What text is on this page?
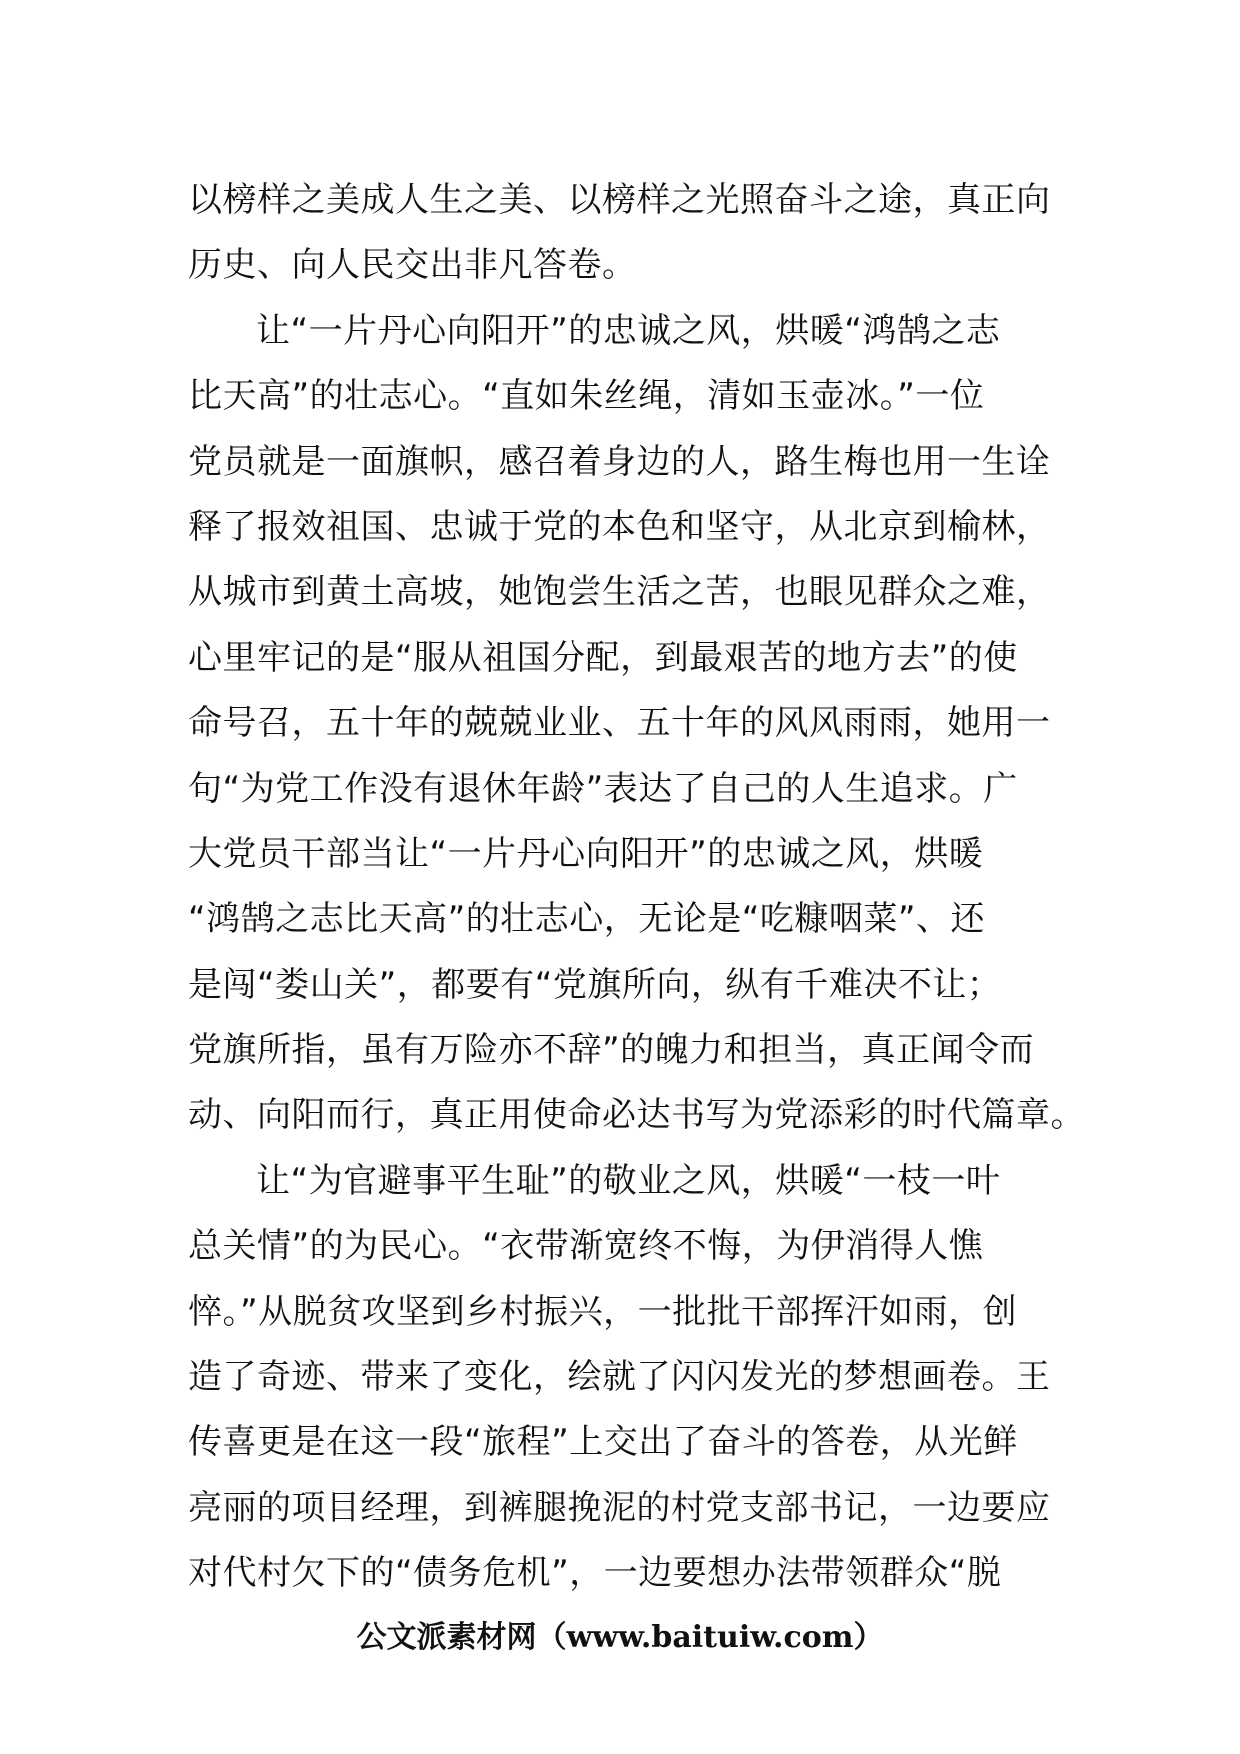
以榜样之美成人生之美、以榜样之光照奋斗之途，真正向
历史、向人民交出非凡答卷。
让“一片丹心向阳开”的忠诚之风，烘暖“鸿鹄之志
比天高”的壮志心。“直如朱丝绳，清如玉壶冰。”一位
党员就是一面旗帜，感召着身边的人，路生梅也用一生诠
释了报效祖国、忠诚于党的本色和坚守，从北京到榆林，
从城市到黄土高坡，她饱尝生活之苦，也眼见群众之难，
心里牢记的是“服从祖国分配，到最艰苦的地方去”的使
命号召，五十年的兢兢业业、五十年的风风雨雨，她用一
句“为党工作没有退休年龄”表达了自己的人生追求。广
大党员干部当让“一片丹心向阳开”的忠诚之风，烘暖
“鸿鹄之志比天高”的壮志心，无论是“吃糠咽菜”、还
是闯“娄山关”，都要有“党旗所向，纵有千难决不让；
党旗所指，虽有万险亦不辞”的魄力和担当，真正闻令而
动、向阳而行，真正用使命必达书写为党添彩的时代篇章。
让“为官避事平生耻”的敬业之风，烘暖“一枝一叶
总关情”的为民心。“衣带渐宽终不悔，为伊消得人憔
悴。”从脱贫攻坚到乡村振兴，一批批干部挥汗如雨，创
造了奇迹、带来了变化，绘就了闪闪发光的梦想画卷。王
传喜更是在这一段“旅程”上交出了奋斗的答卷，从光鲜
亮丽的项目经理，到裤腿挽泥的村党支部书记，一边要应
对代村欠下的“债务危机”，一边要想办法带领群众“脱
公文派素材网（www.baituiw.com）
